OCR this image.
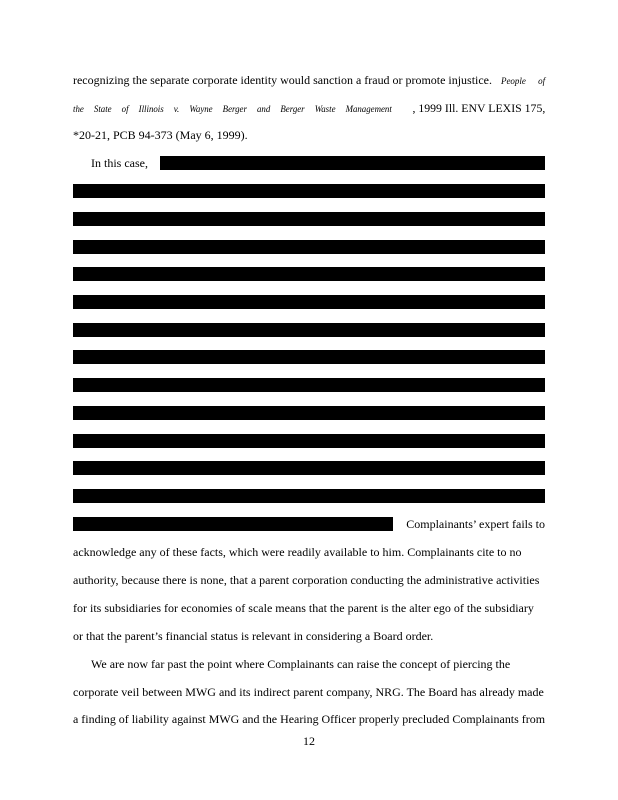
recognizing the separate corporate identity would sanction a fraud or promote injustice. People of
the State of Illinois v. Wayne Berger and Berger Waste Management , 1999 Ill. ENV LEXIS 175,
*20-21, PCB 94-373 (May 6, 1999).
In this case,
Complainants’ expert fails to
acknowledge any of these facts, which were readily available to him. Complainants cite to no
authority, because there is none, that a parent corporation conducting the administrative activities
for its subsidiaries for economies of scale means that the parent is the alter ego of the subsidiary
or that the parent’s financial status is relevant in considering a Board order.
We are now far past the point where Complainants can raise the concept of piercing the
corporate veil between MWG and its indirect parent company, NRG. The Board has already made
a finding of liability against MWG and the Hearing Officer properly precluded Complainants from
12
